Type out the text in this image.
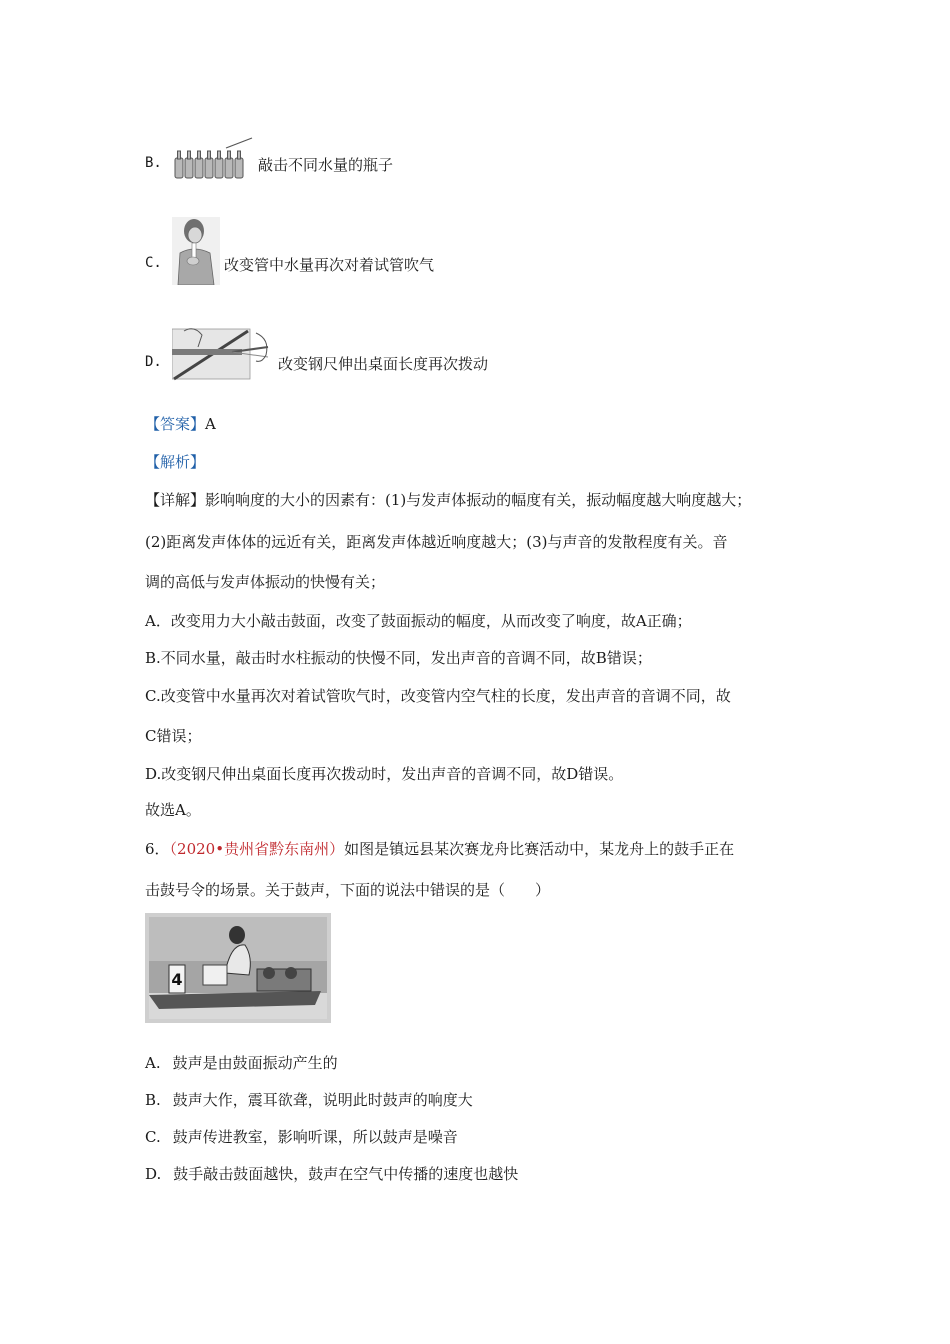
B.	敲击不同水量的瓶子
C.	改变管中水量再次对着试管吹气
D.	改变钢尺伸出桌面长度再次拨动
【答案】A
【解析】
【详解】影响响度的大小的因素有：(1)与发声体振动的幅度有关，振动幅度越大响度越大；
(2)距离发声体体的远近有关，距离发声体越近响度越大；(3)与声音的发散程度有关。音
调的高低与发声体振动的快慢有关；
A．改变用力大小敲击鼓面，改变了鼓面振动的幅度，从而改变了响度，故A正确；
B.不同水量，敲击时水柱振动的快慢不同，发出声音的音调不同，故B错误；
C.改变管中水量再次对着试管吹气时，改变管内空气柱的长度，发出声音的音调不同，故
C错误；
D.改变钢尺伸出桌面长度再次拨动时，发出声音的音调不同，故D错误。
故选A。
6．（2020•贵州省黔东南州）如图是镇远县某次赛龙舟比赛活动中，某龙舟上的鼓手正在
击鼓号令的场景。关于鼓声，下面的说法中错误的是（　　）
4
A. 鼓声是由鼓面振动产生的
B. 鼓声大作，震耳欲聋，说明此时鼓声的响度大
C. 鼓声传进教室，影响听课，所以鼓声是噪音
D. 鼓手敲击鼓面越快，鼓声在空气中传播的速度也越快
